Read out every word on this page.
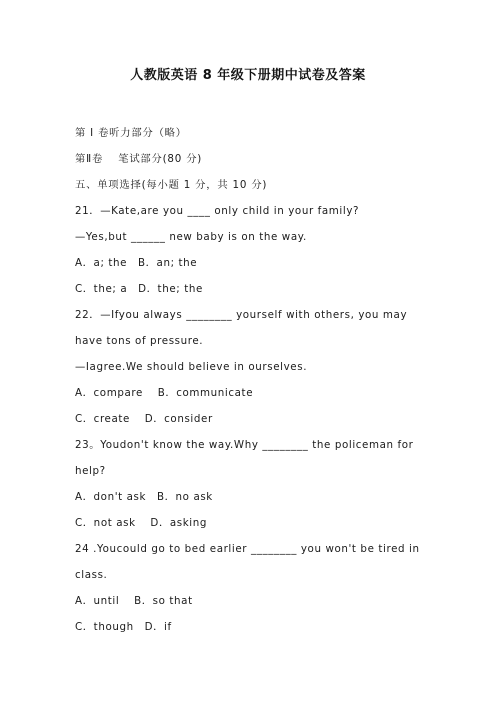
人教版英语 8 年级下册期中试卷及答案
第 I 卷听力部分（略）
第Ⅱ卷　 笔试部分(80 分)
五、单项选择(每小题 1 分，共 10 分)
21．—Kate,are you ____ only child in your family?
—Yes,but ______ new baby is on the way.
A．a; the　B．an; the
C．the; a　D．the; the
22．—Ifyou always ________ yourself with others, you may
have tons of pressure.
—Iagree.We should believe in ourselves.
A．compare　 B．communicate
C．create　 D．consider
23。Youdon't know the way.Why ________ the policeman for
help?
A．don't ask　B．no ask
C．not ask　 D．asking
24 .Youcould go to bed earlier ________ you won't be tired in
class.
A．until　 B．so that
C．though　D．if
